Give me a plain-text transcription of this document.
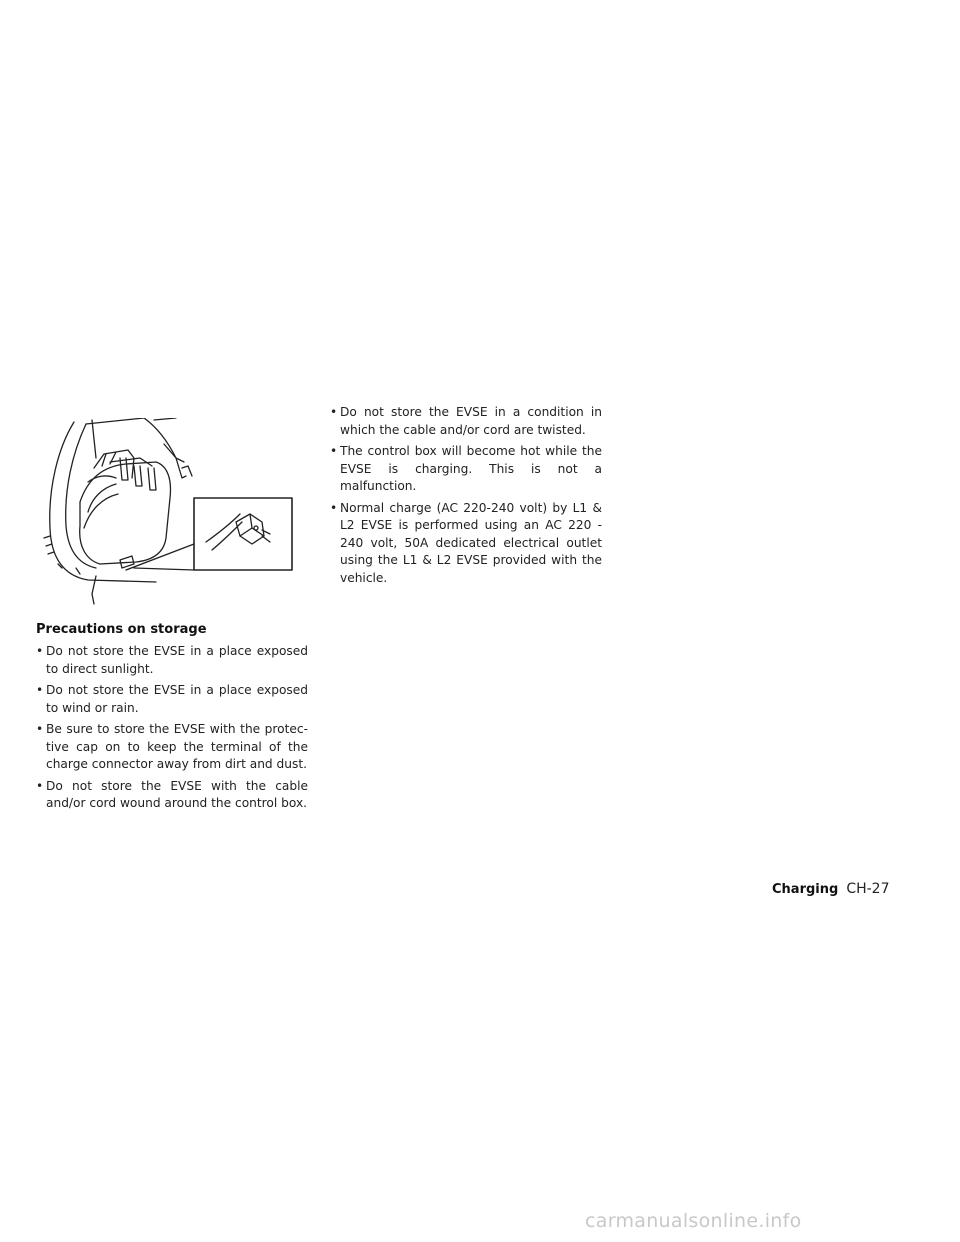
Precautions on storage
• Do not store the EVSE in a place exposed to direct sunlight.
• Do not store the EVSE in a place exposed to wind or rain.
• Be sure to store the EVSE with the protec-tive cap on to keep the terminal of the charge connector away from dirt and dust.
• Do not store the EVSE with the cable and/or cord wound around the control box.
• Do not store the EVSE in a condition in which the cable and/or cord are twisted.
• The control box will become hot while the EVSE is charging. This is not a malfunction.
• Normal charge (AC 220-240 volt) by L1 & L2 EVSE is performed using an AC 220 - 240 volt, 50A dedicated electrical outlet using the L1 & L2 EVSE provided with the vehicle.
Charging CH-27
carmanualsonline.info
